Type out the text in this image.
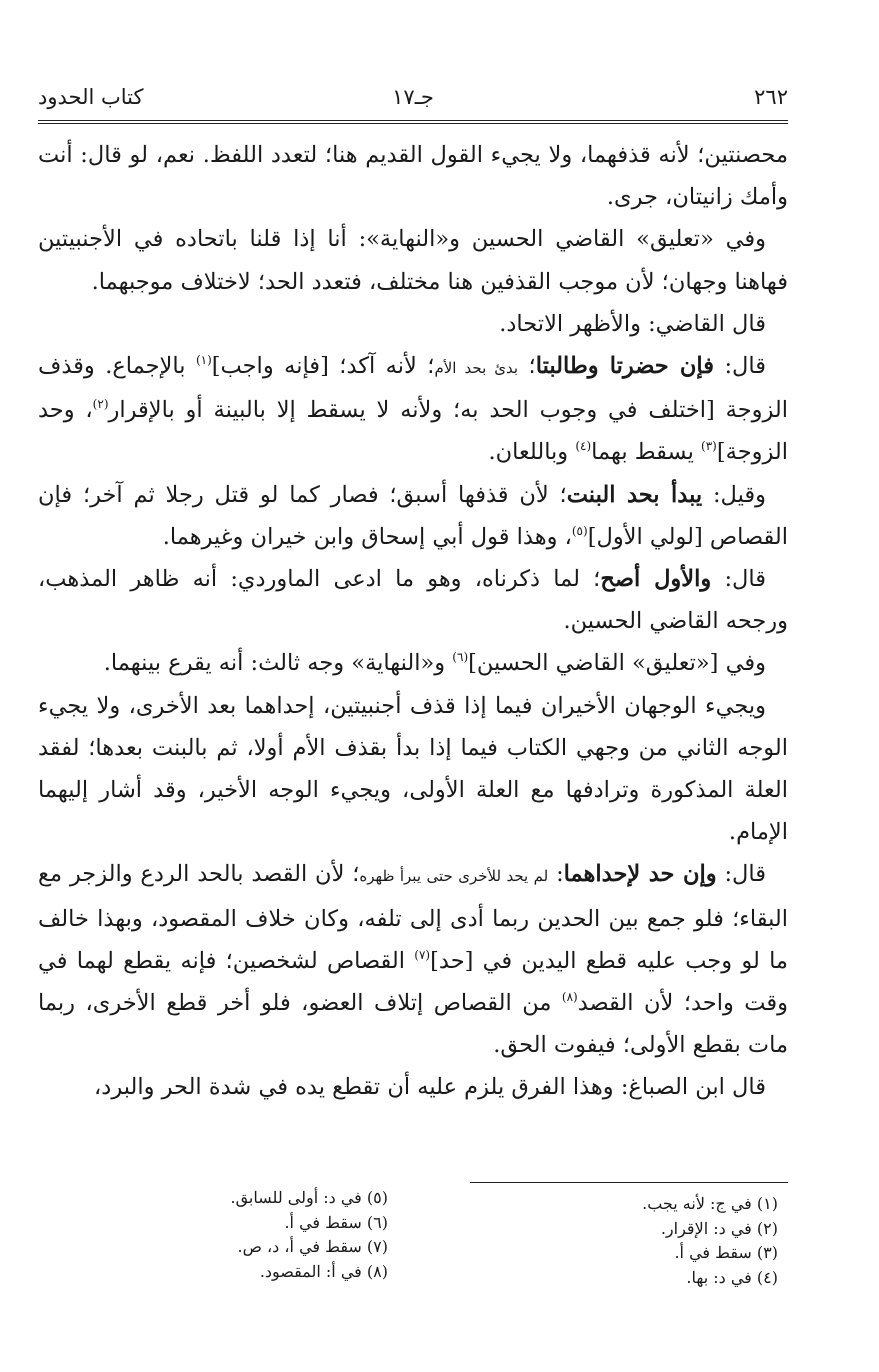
٢٦٢
جـ١٧
كتاب الحدود

محصنتين؛ لأنه قذفهما، ولا يجيء القول القديم هنا؛ لتعدد اللفظ. نعم، لو قال: أنت وأمك زانيتان، جرى.

وفي «تعليق» القاضي الحسين و«النهاية»: أنا إذا قلنا باتحاده في الأجنبيتين فهاهنا وجهان؛ لأن موجب القذفين هنا مختلف، فتعدد الحد؛ لاختلاف موجبهما.

قال القاضي: والأظهر الاتحاد.

قال: فإن حضرتا وطالبتا؛ بدئ بحد الأم؛ لأنه آكد؛ [فإنه واجب]$^{(١)}$ بالإجماع. وقذف الزوجة [اختلف في وجوب الحد به؛ ولأنه لا يسقط إلا بالبينة أو بالإقرار$^{(٢)}$، وحد الزوجة]$^{(٣)}$ يسقط بهما$^{(٤)}$ وباللعان.

وقيل: يبدأ بحد البنت؛ لأن قذفها أسبق؛ فصار كما لو قتل رجلا ثم آخر؛ فإن القصاص [لولي الأول]$^{(٥)}$، وهذا قول أبي إسحاق وابن خيران وغيرهما.

قال: والأول أصح؛ لما ذكرناه، وهو ما ادعى الماوردي: أنه ظاهر المذهب، ورجحه القاضي الحسين.

وفي [«تعليق» القاضي الحسين]$^{(٦)}$ و«النهاية» وجه ثالث: أنه يقرع بينهما.

ويجيء الوجهان الأخيران فيما إذا قذف أجنبيتين، إحداهما بعد الأخرى، ولا يجيء الوجه الثاني من وجهي الكتاب فيما إذا بدأ بقذف الأم أولا، ثم بالبنت بعدها؛ لفقد العلة المذكورة وترادفها مع العلة الأولى، ويجيء الوجه الأخير، وقد أشار إليهما الإمام.

قال: وإن حد لإحداهما: لم يحد للأخرى حتى يبرأ ظهره؛ لأن القصد بالحد الردع والزجر مع البقاء؛ فلو جمع بين الحدين ربما أدى إلى تلفه، وكان خلاف المقصود، وبهذا خالف ما لو وجب عليه قطع اليدين في [حد]$^{(٧)}$ القصاص لشخصين؛ فإنه يقطع لهما في وقت واحد؛ لأن القصد$^{(٨)}$ من القصاص إتلاف العضو، فلو أخر قطع الأخرى، ربما مات بقطع الأولى؛ فيفوت الحق.

قال ابن الصباغ: وهذا الفرق يلزم عليه أن تقطع يده في شدة الحر والبرد،

(١) في ج: لأنه يجب.
(٢) في د: الإقرار.
(٣) سقط في أ.
(٤) في د: بها.
(٥) في د: أولى للسابق.
(٦) سقط في أ.
(٧) سقط في أ، د، ص.
(٨) في أ: المقصود.
